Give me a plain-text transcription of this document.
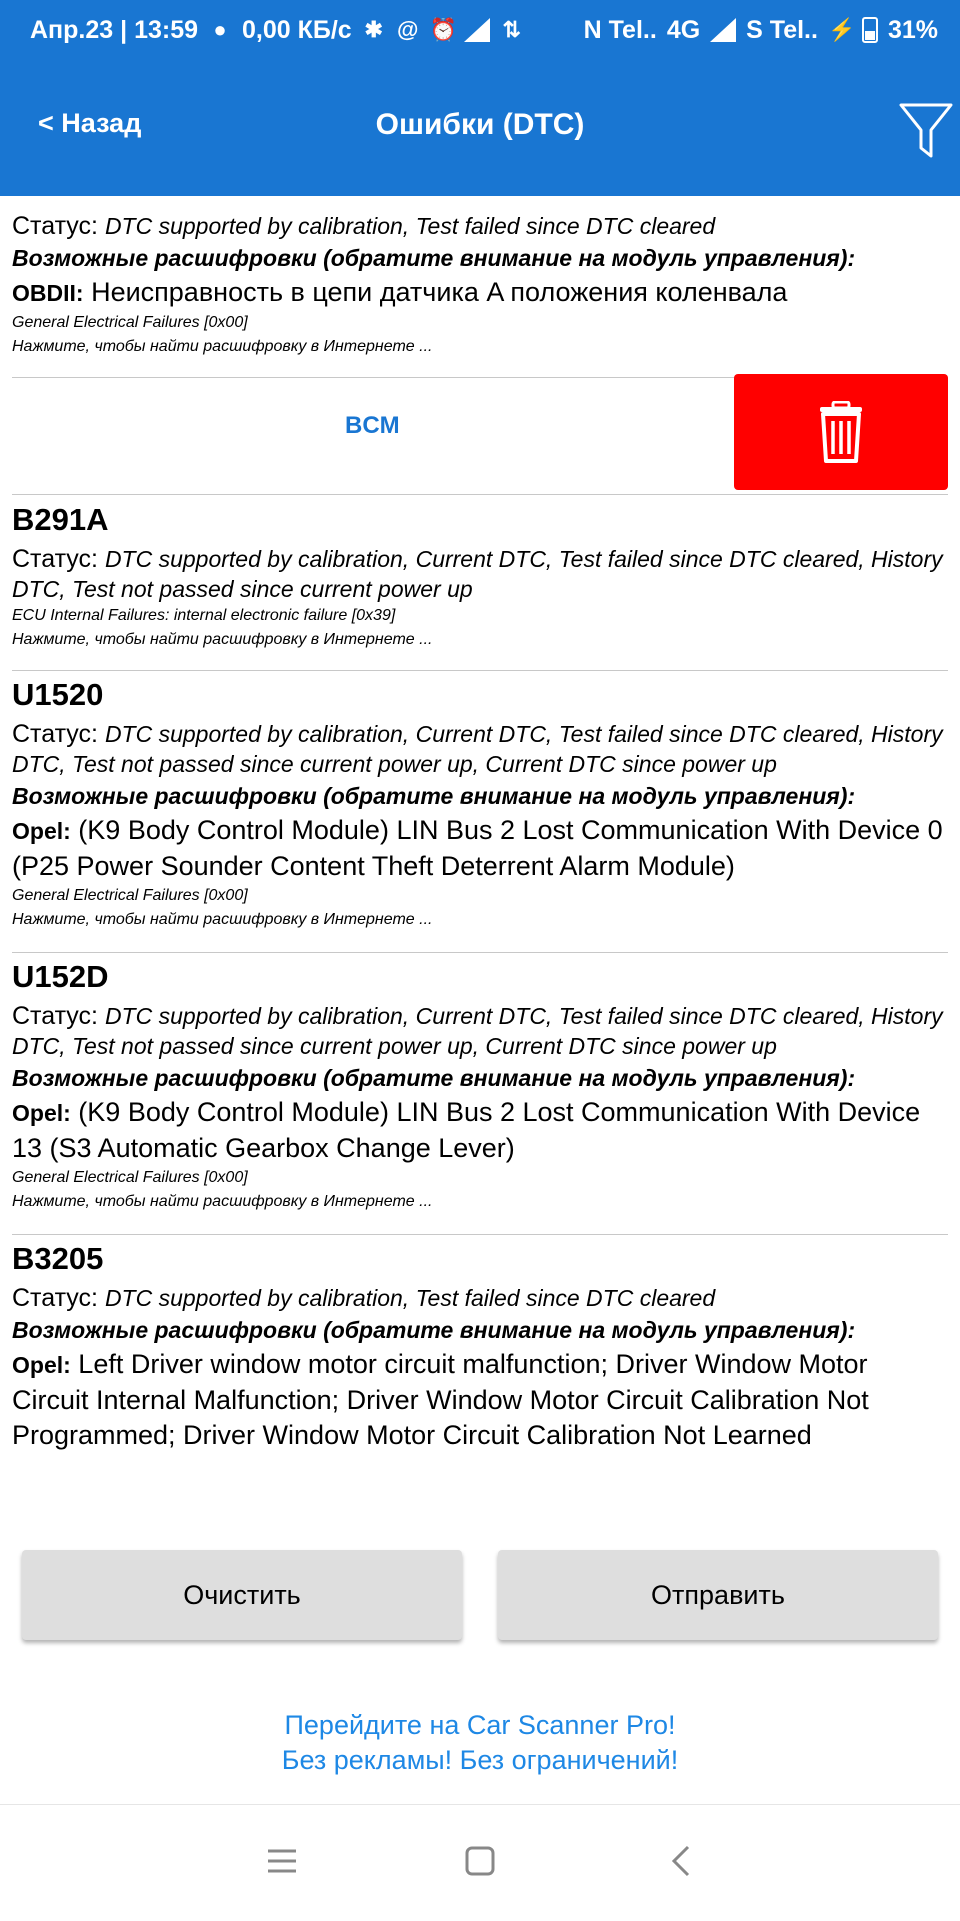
Апр.23 | 13:59 ● 0,00 КБ/с ✱ @ ⏰ ⇅	N Tel.. 4G S Tel.. ⚡ 31%
< Назад	Ошибки (DTC)
Статус: DTC supported by calibration, Test failed since DTC cleared
Возможные расшифровки (обратите внимание на модуль управления):
OBDII: Неисправность в цепи датчика A положения коленвала
General Electrical Failures [0x00]
Нажмите, чтобы найти расшифровку в Интернете ...
BCM
B291A
Статус: DTC supported by calibration, Current DTC, Test failed since DTC cleared, History DTC, Test not passed since current power up
ECU Internal Failures: internal electronic failure [0x39]
Нажмите, чтобы найти расшифровку в Интернете ...
U1520
Статус: DTC supported by calibration, Current DTC, Test failed since DTC cleared, History DTC, Test not passed since current power up, Current DTC since power up
Возможные расшифровки (обратите внимание на модуль управления):
Opel: (K9 Body Control Module) LIN Bus 2 Lost Communication With Device 0 (P25 Power Sounder Content Theft Deterrent Alarm Module)
General Electrical Failures [0x00]
Нажмите, чтобы найти расшифровку в Интернете ...
U152D
Статус: DTC supported by calibration, Current DTC, Test failed since DTC cleared, History DTC, Test not passed since current power up, Current DTC since power up
Возможные расшифровки (обратите внимание на модуль управления):
Opel: (K9 Body Control Module) LIN Bus 2 Lost Communication With Device 13 (S3 Automatic Gearbox Change Lever)
General Electrical Failures [0x00]
Нажмите, чтобы найти расшифровку в Интернете ...
B3205
Статус: DTC supported by calibration, Test failed since DTC cleared
Возможные расшифровки (обратите внимание на модуль управления):
Opel: Left Driver window motor circuit malfunction; Driver Window Motor Circuit Internal Malfunction; Driver Window Motor Circuit Calibration Not Programmed; Driver Window Motor Circuit Calibration Not Learned
Очистить	Отправить
Перейдите на Car Scanner Pro!
Без рекламы! Без ограничений!
